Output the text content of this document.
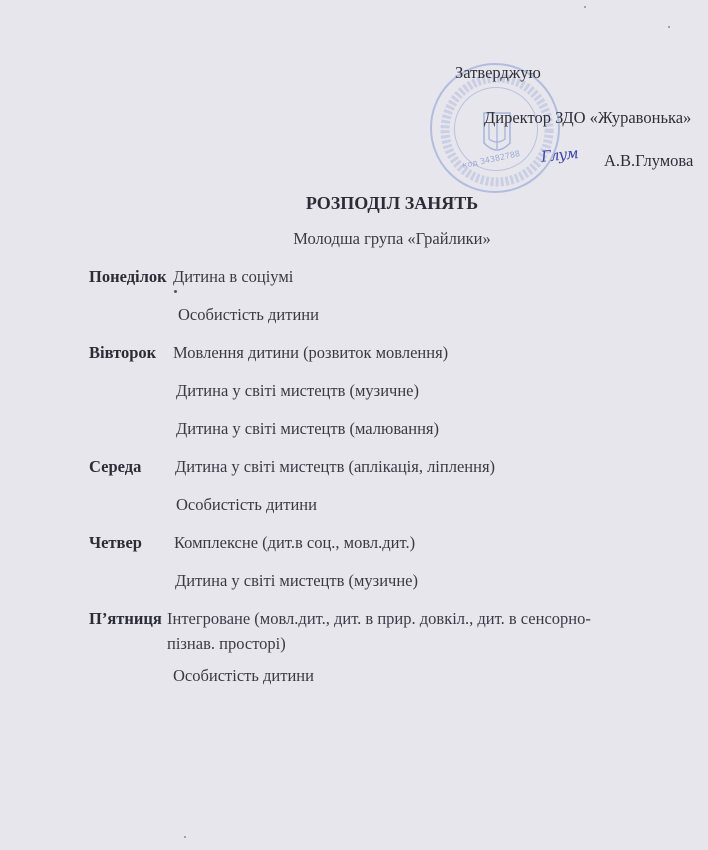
код 34382788
Затверджую
Директор ЗДО «Журавонька»
Глум А.В.Глумова
РОЗПОДІЛ ЗАНЯТЬ
Молодша група «Грайлики»
Понеділок Дитина в соціумі
Особистість дитини
Вівторок Мовлення дитини (розвиток мовлення)
Дитина у світі мистецтв (музичне)
Дитина у світі мистецтв (малювання)
Середа Дитина у світі мистецтв (аплікація, ліплення)
Особистість дитини
Четвер Комплексне (дит.в соц., мовл.дит.)
Дитина у світі мистецтв (музичне)
П’ятниця Інтегроване (мовл.дит., дит. в прир. довкіл., дит. в сенсорно-
пізнав. просторі)
Особистість дитини
